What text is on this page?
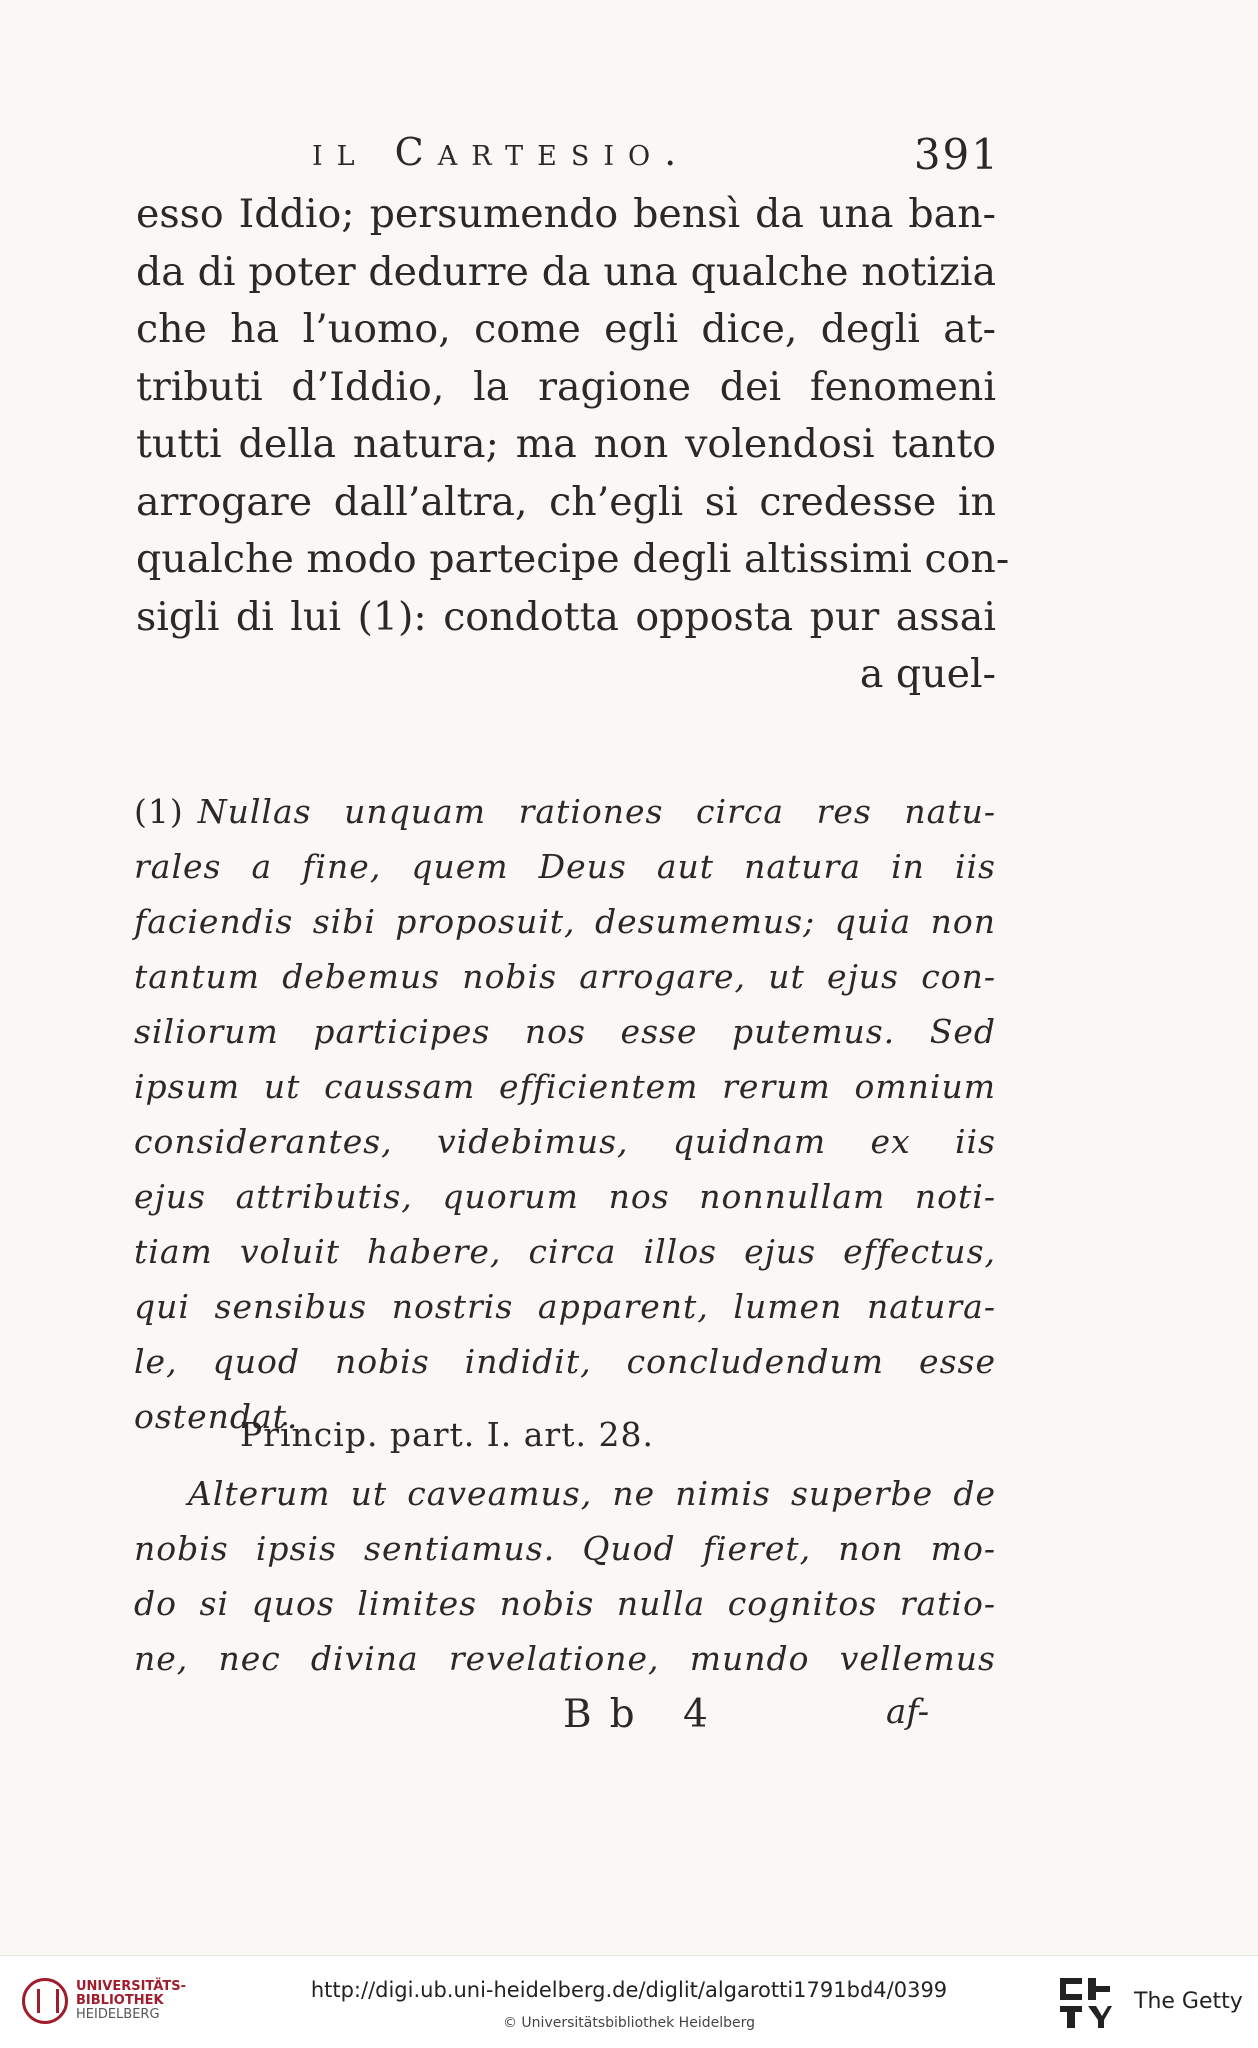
il Cartesio.	391
esso Iddio; persumendo bensì da una ban-
da di poter dedurre da una qualche notizia
che ha l’uomo, come egli dice, degli at-
tributi d’Iddio, la ragione dei fenomeni
tutti della natura; ma non volendosi tanto
arrogare dall’altra, ch’egli si credesse in
qualche modo partecipe degli altissimi con-
sigli di lui (1): condotta opposta pur assai
a quel-
(1) Nullas unquam rationes circa res natu-
rales a fine, quem Deus aut natura in iis
faciendis sibi proposuit, desumemus; quia non
tantum debemus nobis arrogare, ut ejus con-
siliorum participes nos esse putemus. Sed
ipsum ut caussam efficientem rerum omnium
considerantes, videbimus, quidnam ex iis
ejus attributis, quorum nos nonnullam noti-
tiam voluit habere, circa illos ejus effectus,
qui sensibus nostris apparent, lumen natura-
le, quod nobis indidit, concludendum esse
ostendat.
Princip. part. I. art. 28.
Alterum ut caveamus, ne nimis superbe de
nobis ipsis sentiamus. Quod fieret, non mo-
do si quos limites nobis nulla cognitos ratio-
ne, nec divina revelatione, mundo vellemus
Bb 4	af-
UNIVERSITÄTS-
BIBLIOTHEK
HEIDELBERG
http://digi.ub.uni-heidelberg.de/diglit/algarotti1791bd4/0399
© Universitätsbibliothek Heidelberg
The Getty
